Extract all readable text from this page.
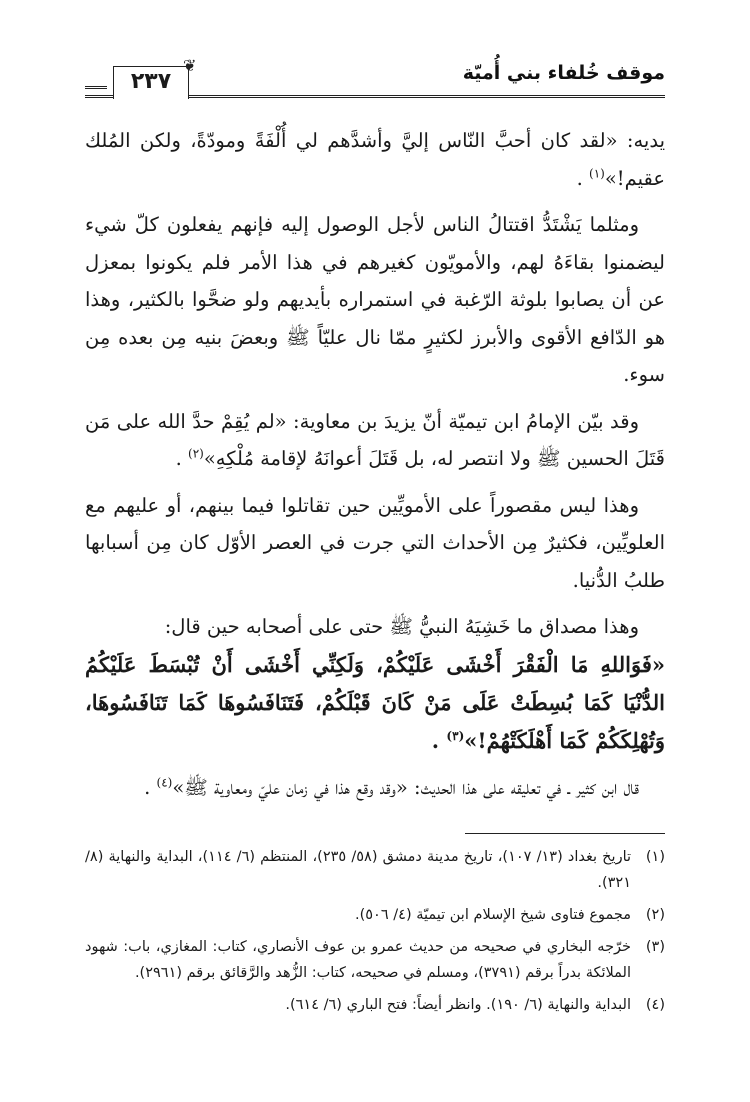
موقف خُلفاء بني أُميّة
٢٣٧
❦

يديه: «لقد كان أحبَّ النّاس إليَّ وأشدَّهم لي أُلْفَةً ومودّةً، ولكن المُلك عقيم!»$^{(١)}$ .

ومثلما يَشْتَدُّ اقتتالُ الناس لأجل الوصول إليه فإنهم يفعلون كلّ شيء ليضمنوا بقاءَهُ لهم، والأمويّون كغيرهم في هذا الأمر فلم يكونوا بمعزل عن أن يصابوا بلوثة الرّغبة في استمراره بأيديهم ولو ضحَّوا بالكثير، وهذا هو الدّافع الأقوى والأبرز لكثيرٍ ممّا نال عليّاً ﷺ وبعضَ بنيه مِن بعده مِن سوء.

وقد بيّن الإمامُ ابن تيميّة أنّ يزيدَ بن معاوية: «لم يُقِمْ حدَّ الله على مَن قَتَلَ الحسين ﷺ ولا انتصر له، بل قَتَلَ أعوانَهُ لإقامة مُلْكِهِ»$^{(٢)}$ .

وهذا ليس مقصوراً على الأمويِّين حين تقاتلوا فيما بينهم، أو عليهم مع العلويِّين، فكثيرٌ مِن الأحداث التي جرت في العصر الأوّل كان مِن أسبابها طلبُ الدُّنيا.

وهذا مصداق ما خَشِيَهُ النبيُّ ﷺ حتى على أصحابه حين قال:

«فَوَاللهِ مَا الْفَقْرَ أَخْشَى عَلَيْكُمْ، وَلَكِنِّي أَخْشَى أَنْ تُبْسَطَ عَلَيْكُمُ الدُّنْيَا كَمَا بُسِطَتْ عَلَى مَنْ كَانَ قَبْلَكُمْ، فَتَنَافَسُوهَا كَمَا تَنَافَسُوهَا، وَتُهْلِكَكُمْ كَمَا أَهْلَكَتْهُمْ!»$^{(٣)}$ .

قال ابن كثير ـ في تعليقه على هذا الحديث: «وقد وقع هذا في زمان عليّ ومعاوية ﷺ»$^{(٤)}$ .

(١)
تاريخ بغداد (١٣/ ١٠٧)، تاريخ مدينة دمشق (٥٨/ ٢٣٥)، المنتظم (٦/ ١١٤)، البداية والنهاية (٨/ ٣٢١).
(٢)
مجموع فتاوى شيخ الإسلام ابن تيميّة (٤/ ٥٠٦).
(٣)
خرّجه البخاري في صحيحه من حديث عمرو بن عوف الأنصاري، كتاب: المغازي، باب: شهود الملائكة بدراً برقم (٣٧٩١)، ومسلم في صحيحه، كتاب: الزُّهد والرَّقائق برقم (٢٩٦١).
(٤)
البداية والنهاية (٦/ ١٩٠). وانظر أيضاً: فتح الباري (٦/ ٦١٤).
